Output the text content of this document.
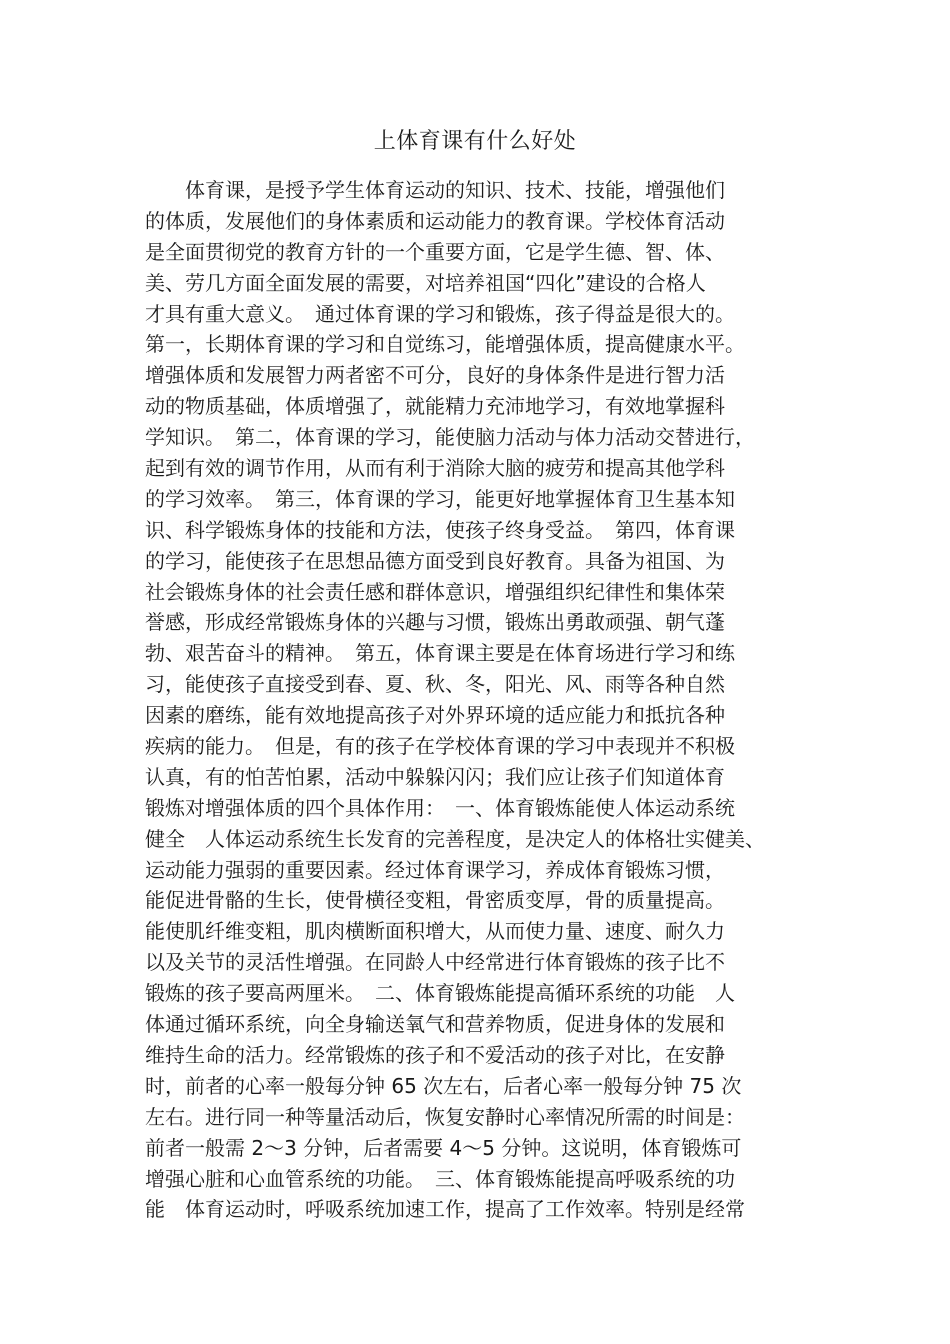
上体育课有什么好处
　　体育课，是授予学生体育运动的知识、技术、技能，增强他们
的体质，发展他们的身体素质和运动能力的教育课。学校体育活动
是全面贯彻党的教育方针的一个重要方面，它是学生德、智、体、
美、劳几方面全面发展的需要，对培养祖国“四化”建设的合格人
才具有重大意义。　通过体育课的学习和锻炼，孩子得益是很大的。
第一，长期体育课的学习和自觉练习，能增强体质，提高健康水平。
增强体质和发展智力两者密不可分，良好的身体条件是进行智力活
动的物质基础，体质增强了，就能精力充沛地学习，有效地掌握科
学知识。　第二，体育课的学习，能使脑力活动与体力活动交替进行，
起到有效的调节作用，从而有利于消除大脑的疲劳和提高其他学科
的学习效率。　第三，体育课的学习，能更好地掌握体育卫生基本知
识、科学锻炼身体的技能和方法，使孩子终身受益。　第四，体育课
的学习，能使孩子在思想品德方面受到良好教育。具备为祖国、为
社会锻炼身体的社会责任感和群体意识，增强组织纪律性和集体荣
誉感，形成经常锻炼身体的兴趣与习惯，锻炼出勇敢顽强、朝气蓬
勃、艰苦奋斗的精神。　第五，体育课主要是在体育场进行学习和练
习，能使孩子直接受到春、夏、秋、冬，阳光、风、雨等各种自然
因素的磨练，能有效地提高孩子对外界环境的适应能力和抵抗各种
疾病的能力。　但是，有的孩子在学校体育课的学习中表现并不积极
认真，有的怕苦怕累，活动中躲躲闪闪；我们应让孩子们知道体育
锻炼对增强体质的四个具体作用：　一、体育锻炼能使人体运动系统
健全　人体运动系统生长发育的完善程度，是决定人的体格壮实健美、
运动能力强弱的重要因素。经过体育课学习，养成体育锻炼习惯，
能促进骨骼的生长，使骨横径变粗，骨密质变厚，骨的质量提高。
能使肌纤维变粗，肌肉横断面积增大，从而使力量、速度、耐久力
以及关节的灵活性增强。在同龄人中经常进行体育锻炼的孩子比不
锻炼的孩子要高两厘米。　二、体育锻炼能提高循环系统的功能　人
体通过循环系统，向全身输送氧气和营养物质，促进身体的发展和
维持生命的活力。经常锻炼的孩子和不爱活动的孩子对比，在安静
时，前者的心率一般每分钟 65 次左右，后者心率一般每分钟 75 次
左右。进行同一种等量活动后，恢复安静时心率情况所需的时间是：
前者一般需 2～3 分钟，后者需要 4～5 分钟。这说明，体育锻炼可
增强心脏和心血管系统的功能。　三、体育锻炼能提高呼吸系统的功
能　体育运动时，呼吸系统加速工作，提高了工作效率。特别是经常
